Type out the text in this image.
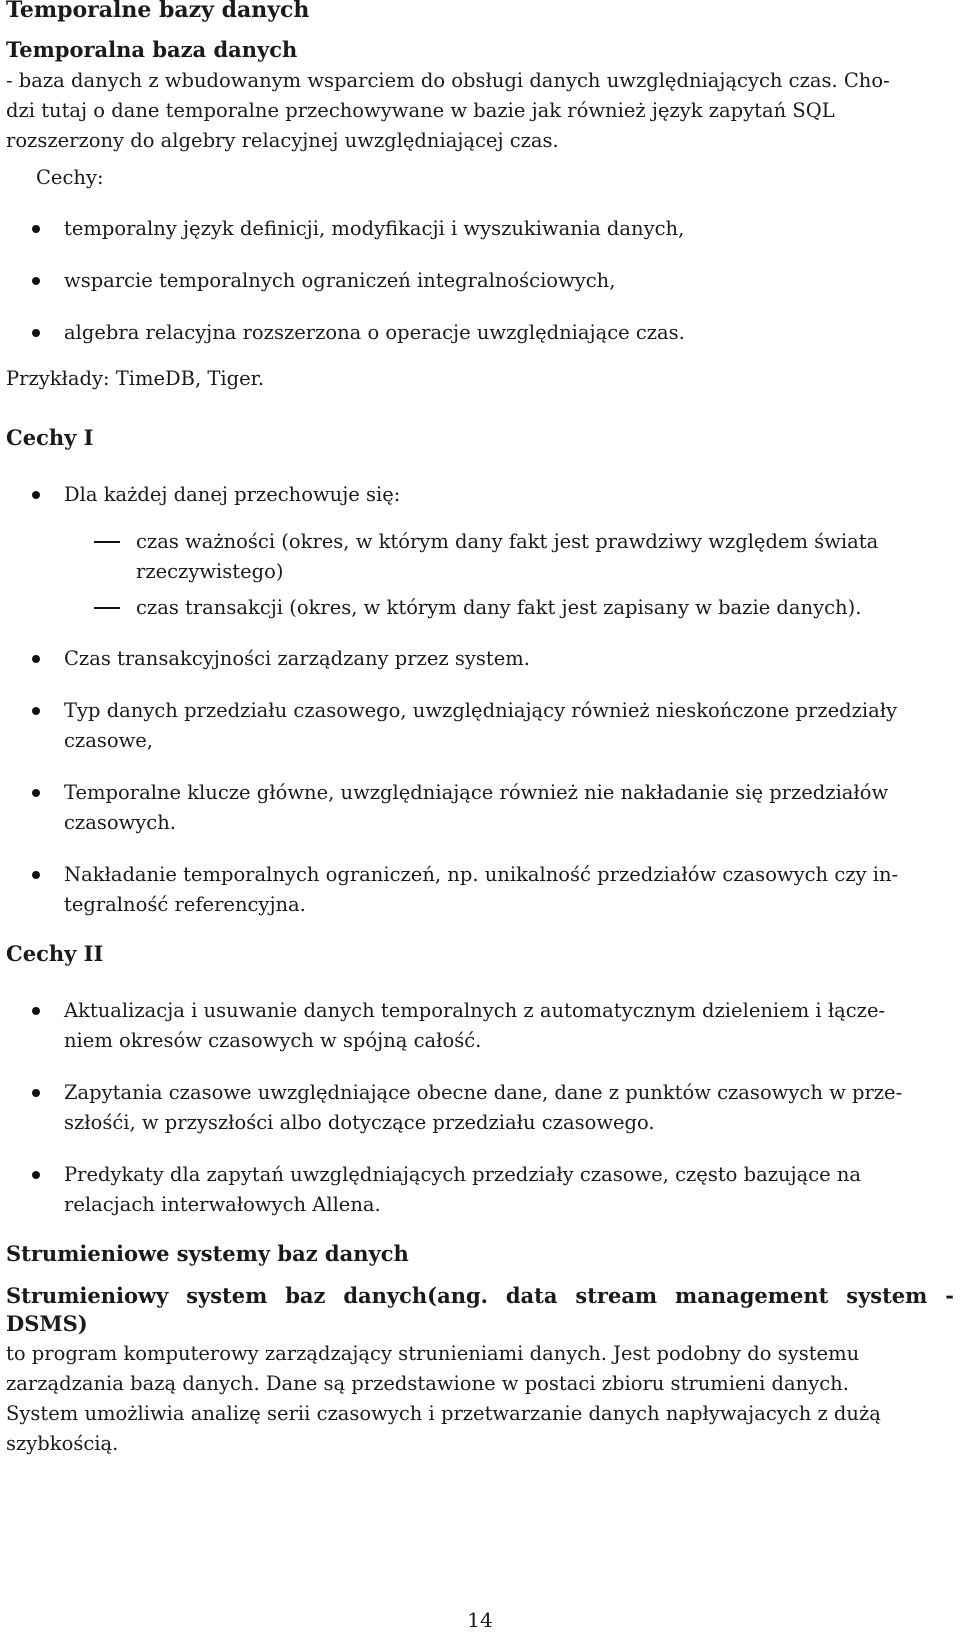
Temporalne bazy danych
Temporalna baza danych
- baza danych z wbudowanym wsparciem do obsługi danych uwzględniających czas. Cho-
dzi tutaj o dane temporalne przechowywane w bazie jak również język zapytań SQL
rozszerzony do algebry relacyjnej uwzględniającej czas.
Cechy:
temporalny język definicji, modyfikacji i wyszukiwania danych,
wsparcie temporalnych ograniczeń integralnościowych,
algebra relacyjna rozszerzona o operacje uwzględniające czas.
Przykłady: TimeDB, Tiger.
Cechy I
Dla każdej danej przechowuje się:
czas ważności (okres, w którym dany fakt jest prawdziwy względem świata
rzeczywistego)
czas transakcji (okres, w którym dany fakt jest zapisany w bazie danych).
Czas transakcyjności zarządzany przez system.
Typ danych przedziału czasowego, uwzględniający również nieskończone przedziały
czasowe,
Temporalne klucze główne, uwzględniające również nie nakładanie się przedziałów
czasowych.
Nakładanie temporalnych ograniczeń, np. unikalność przedziałów czasowych czy in-
tegralność referencyjna.
Cechy II
Aktualizacja i usuwanie danych temporalnych z automatycznym dzieleniem i łącze-
niem okresów czasowych w spójną całość.
Zapytania czasowe uwzględniające obecne dane, dane z punktów czasowych w prze-
szłośći, w przyszłości albo dotyczące przedziału czasowego.
Predykaty dla zapytań uwzględniających przedziały czasowe, często bazujące na
relacjach interwałowych Allena.
Strumieniowe systemy baz danych
Strumieniowy system baz danych(ang. data stream management system -
DSMS)
to program komputerowy zarządzający strunieniami danych. Jest podobny do systemu
zarządzania bazą danych. Dane są przedstawione w postaci zbioru strumieni danych.
System umożliwia analizę serii czasowych i przetwarzanie danych napływajacych z dużą
szybkością.
14
